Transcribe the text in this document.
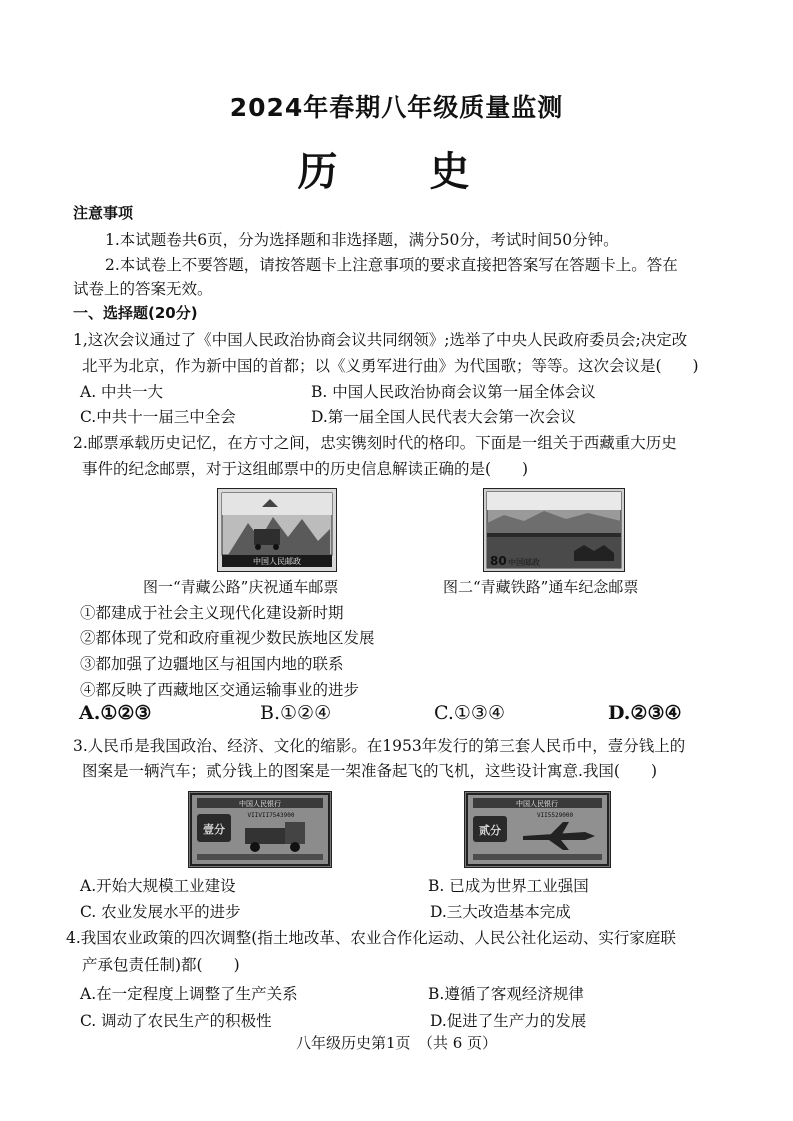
2024年春期八年级质量监测
历　史
注意事项
1.本试题卷共6页，分为选择题和非选择题，满分50分，考试时间50分钟。
2.本试卷上不要答题，请按答题卡上注意事项的要求直接把答案写在答题卡上。答在
试卷上的答案无效。
一、选择题(20分)
1,这次会议通过了《中国人民政治协商会议共同纲领》;选举了中央人民政府委员会;决定改
北平为北京，作为新中国的首都；以《义勇军进行曲》为代国歌；等等。这次会议是(　　)
A. 中共一大	B. 中国人民政治协商会议第一届全体会议
C.中共十一届三中全会	D.第一届全国人民代表大会第一次会议
2.邮票承载历史记忆，在方寸之间，忠实镌刻时代的格印。下面是一组关于西藏重大历史
事件的纪念邮票，对于这组邮票中的历史信息解读正确的是(　　)
中国人民邮政	80 中国邮政
图一“青藏公路”庆祝通车邮票	图二“青藏铁路”通车纪念邮票
①都建成于社会主义现代化建设新时期
②都体现了党和政府重视少数民族地区发展
③都加强了边疆地区与祖国内地的联系
④都反映了西藏地区交通运输事业的进步
A.①②③	B.①②④	C.①③④	D.②③④
3.人民币是我国政治、经济、文化的缩影。在1953年发行的第三套人民币中，壹分钱上的
图案是一辆汽车；贰分钱上的图案是一架准备起飞的飞机，这些设计寓意.我国(　　)
中国人民银行
壹分
VIIVII7543900
中国人民银行
贰分
VII5529000
A.开始大规模工业建设	B. 已成为世界工业强国
C. 农业发展水平的进步	D.三大改造基本完成
4.我国农业政策的四次调整(指土地改革、农业合作化运动、人民公社化运动、实行家庭联
产承包责任制)都(　　)
A.在一定程度上调整了生产关系	B.遵循了客观经济规律
C. 调动了农民生产的积极性	D.促进了生产力的发展
八年级历史第1页　（共 6 页）
